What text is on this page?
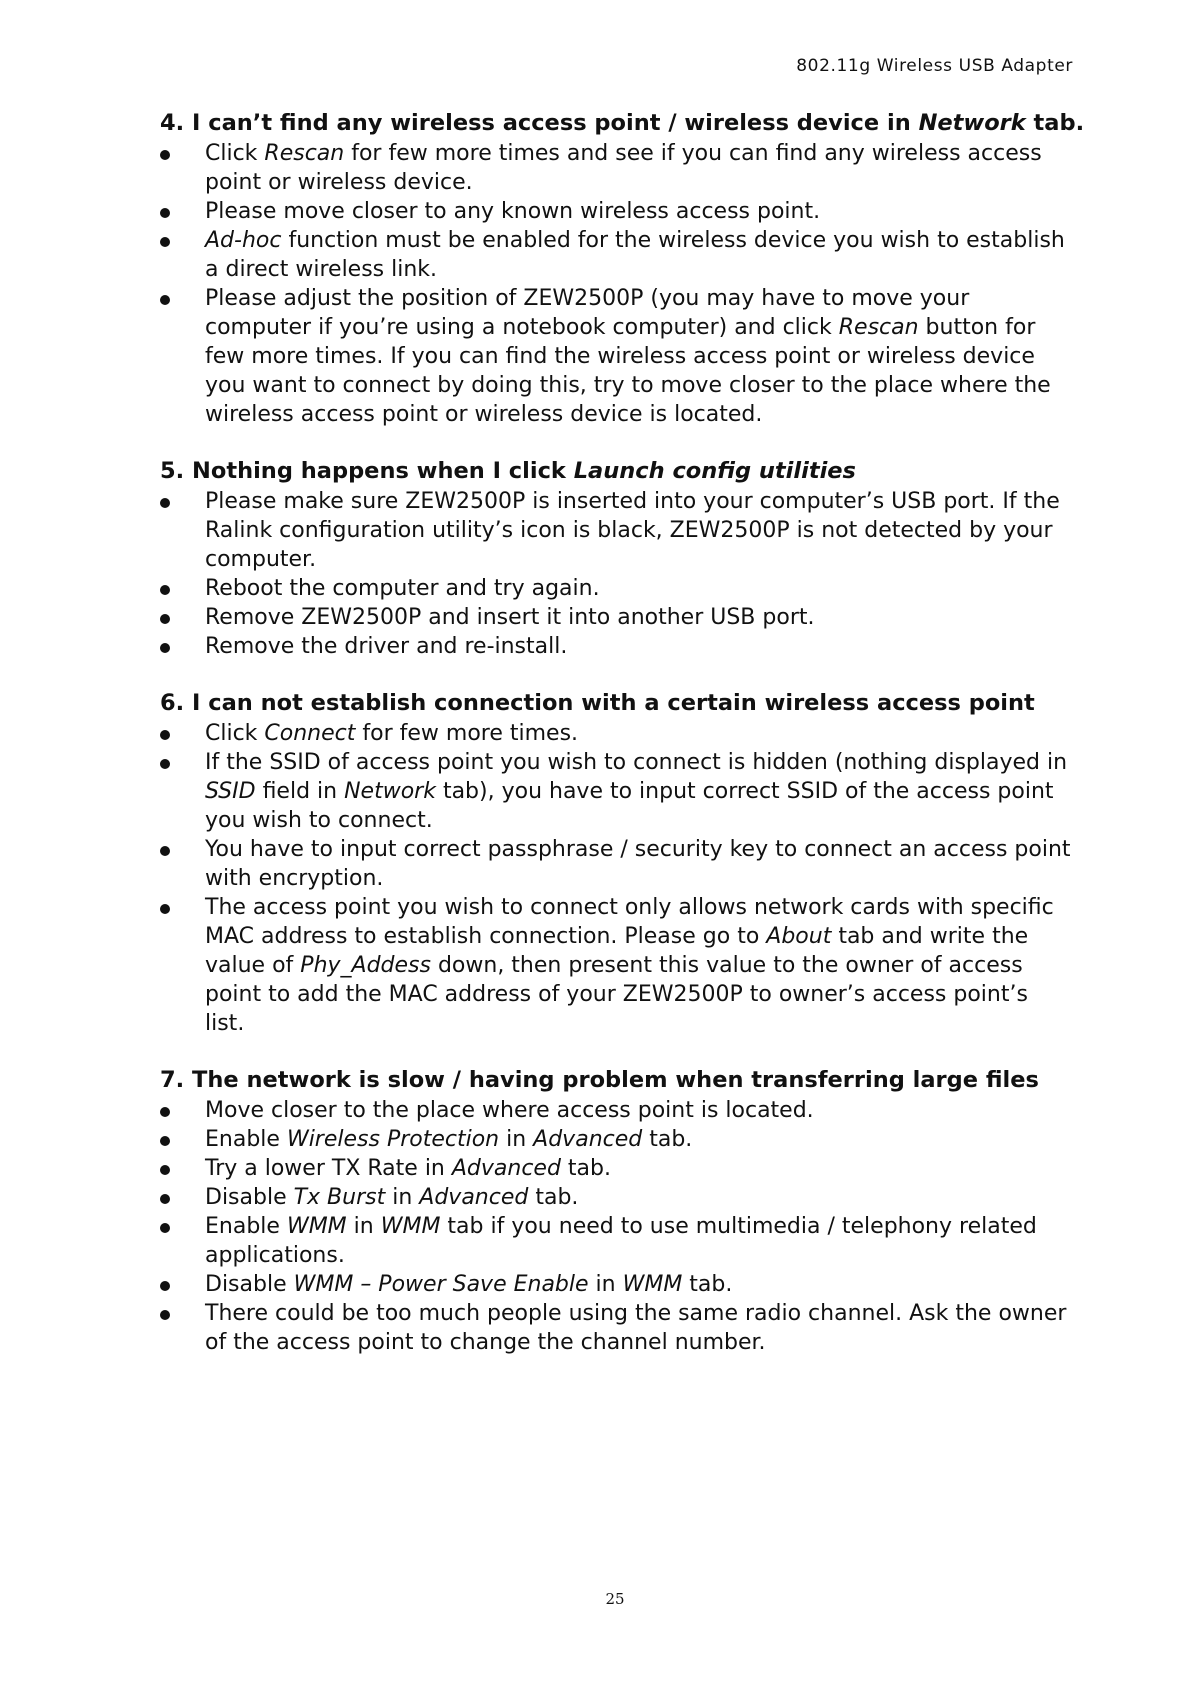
802.11g Wireless USB Adapter
4. I can’t find any wireless access point / wireless device in Network tab.
Click Rescan for few more times and see if you can find any wireless access point or wireless device.
Please move closer to any known wireless access point.
Ad-hoc function must be enabled for the wireless device you wish to establish a direct wireless link.
Please adjust the position of ZEW2500P (you may have to move your computer if you’re using a notebook computer) and click Rescan button for few more times. If you can find the wireless access point or wireless device you want to connect by doing this, try to move closer to the place where the wireless access point or wireless device is located.
5. Nothing happens when I click Launch config utilities
Please make sure ZEW2500P is inserted into your computer’s USB port. If the Ralink configuration utility’s icon is black, ZEW2500P is not detected by your computer.
Reboot the computer and try again.
Remove ZEW2500P and insert it into another USB port.
Remove the driver and re-install.
6. I can not establish connection with a certain wireless access point
Click Connect for few more times.
If the SSID of access point you wish to connect is hidden (nothing displayed in SSID field in Network tab), you have to input correct SSID of the access point you wish to connect.
You have to input correct passphrase / security key to connect an access point with encryption.
The access point you wish to connect only allows network cards with specific MAC address to establish connection. Please go to About tab and write the value of Phy_Addess down, then present this value to the owner of access point to add the MAC address of your ZEW2500P to owner’s access point’s list.
7. The network is slow / having problem when transferring large files
Move closer to the place where access point is located.
Enable Wireless Protection in Advanced tab.
Try a lower TX Rate in Advanced tab.
Disable Tx Burst in Advanced tab.
Enable WMM in WMM tab if you need to use multimedia / telephony related applications.
Disable WMM – Power Save Enable in WMM tab.
There could be too much people using the same radio channel. Ask the owner of the access point to change the channel number.
25
